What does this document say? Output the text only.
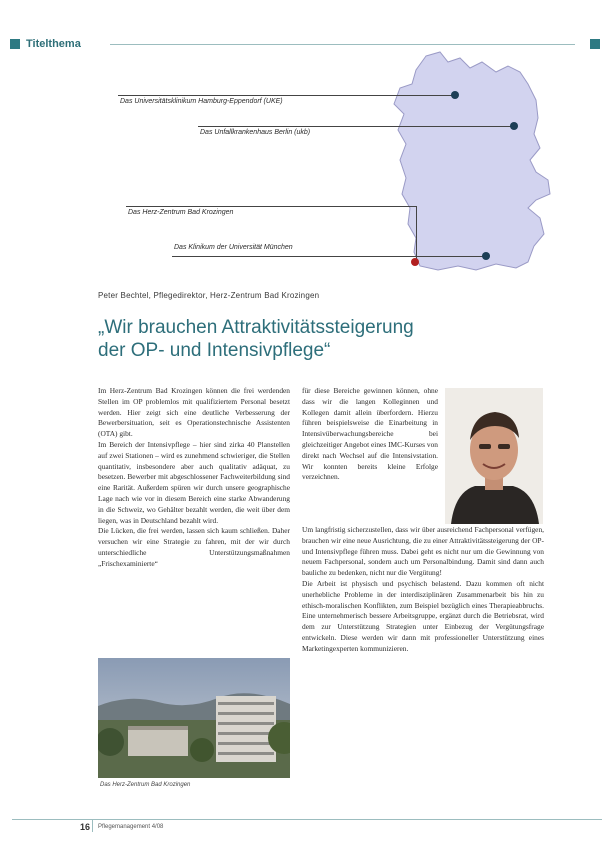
Titelthema
Das Universitätsklinikum Hamburg-Eppendorf (UKE)
Das Unfallkrankenhaus Berlin (ukb)
Das Herz-Zentrum Bad Krozingen
Das Klinikum der Universität München
Peter Bechtel, Pflegedirektor, Herz-Zentrum Bad Krozingen
„Wir brauchen Attraktivitätssteigerung
der OP- und Intensivpflege“

Im Herz-Zentrum Bad Krozingen können die frei werdenden Stellen im OP problemlos mit qualifiziertem Personal besetzt werden. Hier zeigt sich eine deutliche Verbesserung der Bewerbersituation, seit es Operationstechnische Assistenten (OTA) gibt.

Im Bereich der Intensivpflege – hier sind zirka 40 Planstellen auf zwei Stationen – wird es zunehmend schwieriger, die Stellen quantitativ, insbesondere aber auch qualitativ adäquat, zu besetzen. Bewerber mit abgeschlossener Fachweiterbildung sind eine Rarität. Außerdem spüren wir durch unsere geographische Lage nach wie vor in diesem Bereich eine starke Abwanderung in die Schweiz, wo Gehälter bezahlt werden, die weit über dem liegen, was in Deutschland bezahlt wird.

Die Lücken, die frei werden, lassen sich kaum schließen. Daher versuchen wir eine Strategie zu fahren, mit der wir durch unterschiedliche Unterstützungsmaßnahmen „Frischexaminierte“

Das Herz-Zentrum Bad Krozingen

für diese Bereiche gewinnen können, ohne dass wir die langen Kolleginnen und Kollegen damit allein überfordern. Hierzu führen beispielsweise die Einarbeitung in Intensivüberwachungsbereiche bei gleichzeitiger Angebot eines IMC-Kurses von direkt nach Wechsel auf die Intensivstation. Wir konnten bereits kleine Erfolge verzeichnen.

Um langfristig sicherzustellen, dass wir über ausreichend Fachpersonal verfügen, brauchen wir eine neue Ausrichtung, die zu einer Attraktivitätssteigerung der OP- und Intensivpflege führen muss. Dabei geht es nicht nur um die Gewinnung von neuem Fachpersonal, sondern auch um Personalbindung. Damit sind dann auch bauliche zu bedenken, nicht nur die Vergütung!

Die Arbeit ist physisch und psychisch belastend. Dazu kommen oft nicht unerhebliche Probleme in der interdisziplinären Zusammenarbeit bis hin zu ethisch-moralischen Konflikten, zum Beispiel bezüglich eines Therapieabbruchs. Eine unternehmerisch bessere Arbeitsgruppe, ergänzt durch die Betriebsrat, wird dem zur Unterstützung Strategien unter Einbezug der Vergütungsfrage entwickeln. Diese werden wir dann mit professioneller Unterstützung eines Marketingexperten kommunizieren.

16 Pflegemanagement 4/08
